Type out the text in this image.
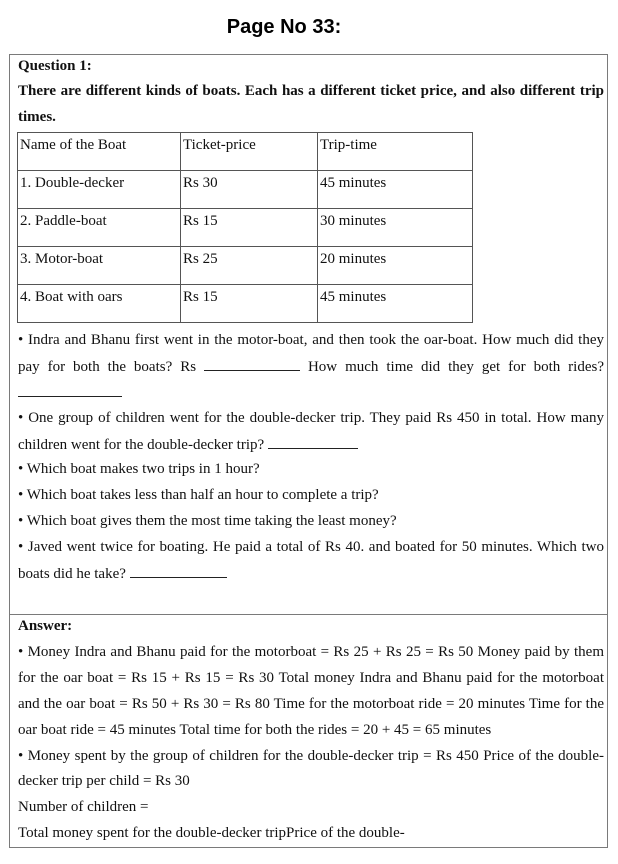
Page No 33:
Question 1:
There are different kinds of boats. Each has a different ticket price, and also different trip
times.
Name of the Boat	Ticket-price	Trip-time
1. Double-decker	Rs 30	45 minutes
2. Paddle-boat	Rs 15	30 minutes
3. Motor-boat	Rs 25	20 minutes
4. Boat with oars	Rs 15	45 minutes
• Indra and Bhanu first went in the motor-boat, and then took the oar-boat. How much did they
pay for both the boats? Rs	How much time did they get for both rides?
• One group of children went for the double-decker trip. They paid Rs 450 in total. How many
children went for the double-decker trip?
• Which boat makes two trips in 1 hour?
• Which boat takes less than half an hour to complete a trip?
• Which boat gives them the most time taking the least money?
• Javed went twice for boating. He paid a total of Rs 40. and boated for 50 minutes. Which two
boats did he take?
Answer:
• Money Indra and Bhanu paid for the motorboat = Rs 25 + Rs 25 = Rs 50 Money paid by them
for the oar boat = Rs 15 + Rs 15 = Rs 30 Total money Indra and Bhanu paid for the motorboat
and the oar boat = Rs 50 + Rs 30 = Rs 80 Time for the motorboat ride = 20 minutes Time for the
oar boat ride = 45 minutes Total time for both the rides = 20 + 45 = 65 minutes
• Money spent by the group of children for the double-decker trip = Rs 450 Price of the double-
decker trip per child = Rs 30
Number of children =
Total money spent for the double-decker tripPrice of the double-
